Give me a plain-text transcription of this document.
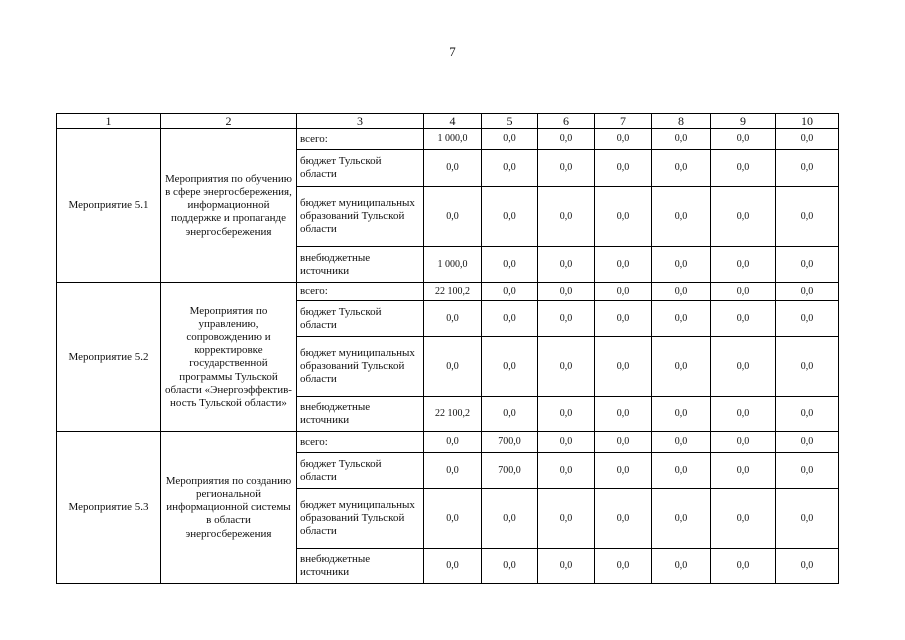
7
1	2	3	4	5	6	7	8	9	10
Мероприятие 5.1	Мероприятия по обучению в сфере энергосбережения, информационной поддержке и пропаганде энергосбережения	всего:	1 000,0	0,0	0,0	0,0	0,0	0,0	0,0
		бюджет Тульской области	0,0	0,0	0,0	0,0	0,0	0,0	0,0
		бюджет муниципальных образований Тульской области	0,0	0,0	0,0	0,0	0,0	0,0	0,0
		внебюджетные источники	1 000,0	0,0	0,0	0,0	0,0	0,0	0,0
Мероприятие 5.2	Мероприятия по управлению, сопровождению и корректировке государственной программы Тульской области «Энергоэффектив-ность Тульской области»	всего:	22 100,2	0,0	0,0	0,0	0,0	0,0	0,0
		бюджет Тульской области	0,0	0,0	0,0	0,0	0,0	0,0	0,0
		бюджет муниципальных образований Тульской области	0,0	0,0	0,0	0,0	0,0	0,0	0,0
		внебюджетные источники	22 100,2	0,0	0,0	0,0	0,0	0,0	0,0
Мероприятие 5.3	Мероприятия по созданию региональной информационной системы в области энергосбережения	всего:	0,0	700,0	0,0	0,0	0,0	0,0	0,0
		бюджет Тульской области	0,0	700,0	0,0	0,0	0,0	0,0	0,0
		бюджет муниципальных образований Тульской области	0,0	0,0	0,0	0,0	0,0	0,0	0,0
		внебюджетные источники	0,0	0,0	0,0	0,0	0,0	0,0	0,0
